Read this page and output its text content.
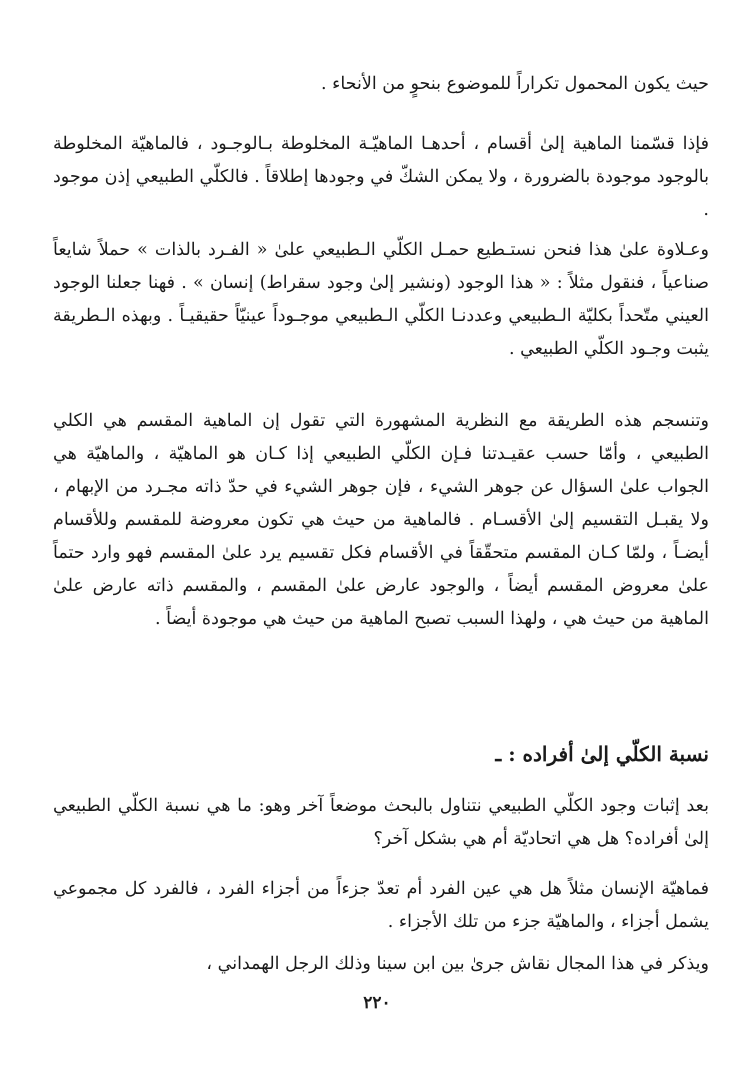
حيث يكون المحمول تكراراً للموضوع بنحوٍ من الأنحاء .

فإذا قسّمنا الماهية إلىٰ أقسام ، أحدهـا الماهيّـة المخلوطة بـالوجـود ، فالماهيّة المخلوطة بالوجود موجودة بالضرورة ، ولا يمكن الشكّ في وجودها إطلاقاً . فالكلّي الطبيعي إذن موجود .

وعـلاوة علىٰ هذا فنحن نستـطيع حمـل الكلّي الـطبيعي علىٰ « الفـرد بالذات » حملاً شايعاً صناعياً ، فنقول مثلاً : « هذا الوجود (ونشير إلىٰ وجود سقراط) إنسان » . فهنا جعلنا الوجود العيني متّحداً بكليّة الـطبيعي وعددنـا الكلّي الـطبيعي موجـوداً عينيّاً حقيقيـاً . وبهذه الـطريقة يثبت وجـود الكلّي الطبيعي .

وتنسجم هذه الطريقة مع النظرية المشهورة التي تقول إن الماهية المقسم هي الكلي الطبيعي ، وأمّا حسب عقيـدتنا فـإن الكلّي الطبيعي إذا كـان هو الماهيّة ، والماهيّة هي الجواب علىٰ السؤال عن جوهر الشيء ، فإن جوهر الشيء في حدّ ذاته مجـرد من الإبهام ، ولا يقبـل التقسيم إلىٰ الأقسـام . فالماهية من حيث هي تكون معروضة للمقسم وللأقسام أيضـاً ، ولمّا كـان المقسم متحقّقاً في الأقسام فكل تقسيم يرد علىٰ المقسم فهو وارد حتماً علىٰ معروض المقسم أيضاً ، والوجود عارض علىٰ المقسم ، والمقسم ذاته عارض علىٰ الماهية من حيث هي ، ولهذا السبب تصبح الماهية من حيث هي موجودة أيضاً .

نسبة الكلّي إلىٰ أفراده : ـ

بعد إثبات وجود الكلّي الطبيعي نتناول بالبحث موضعاً آخر وهو: ما هي نسبة الكلّي الطبيعي إلىٰ أفراده؟ هل هي اتحاديّة أم هي بشكل آخر؟

فماهيّة الإنسان مثلاً هل هي عين الفرد أم تعدّ جزءاً من أجزاء الفرد ، فالفرد كل مجموعي يشمل أجزاء ، والماهيّة جزء من تلك الأجزاء .

ويذكر في هذا المجال نقاش جرىٰ بين ابن سينا وذلك الرجل الهمداني ،

٢٢٠
